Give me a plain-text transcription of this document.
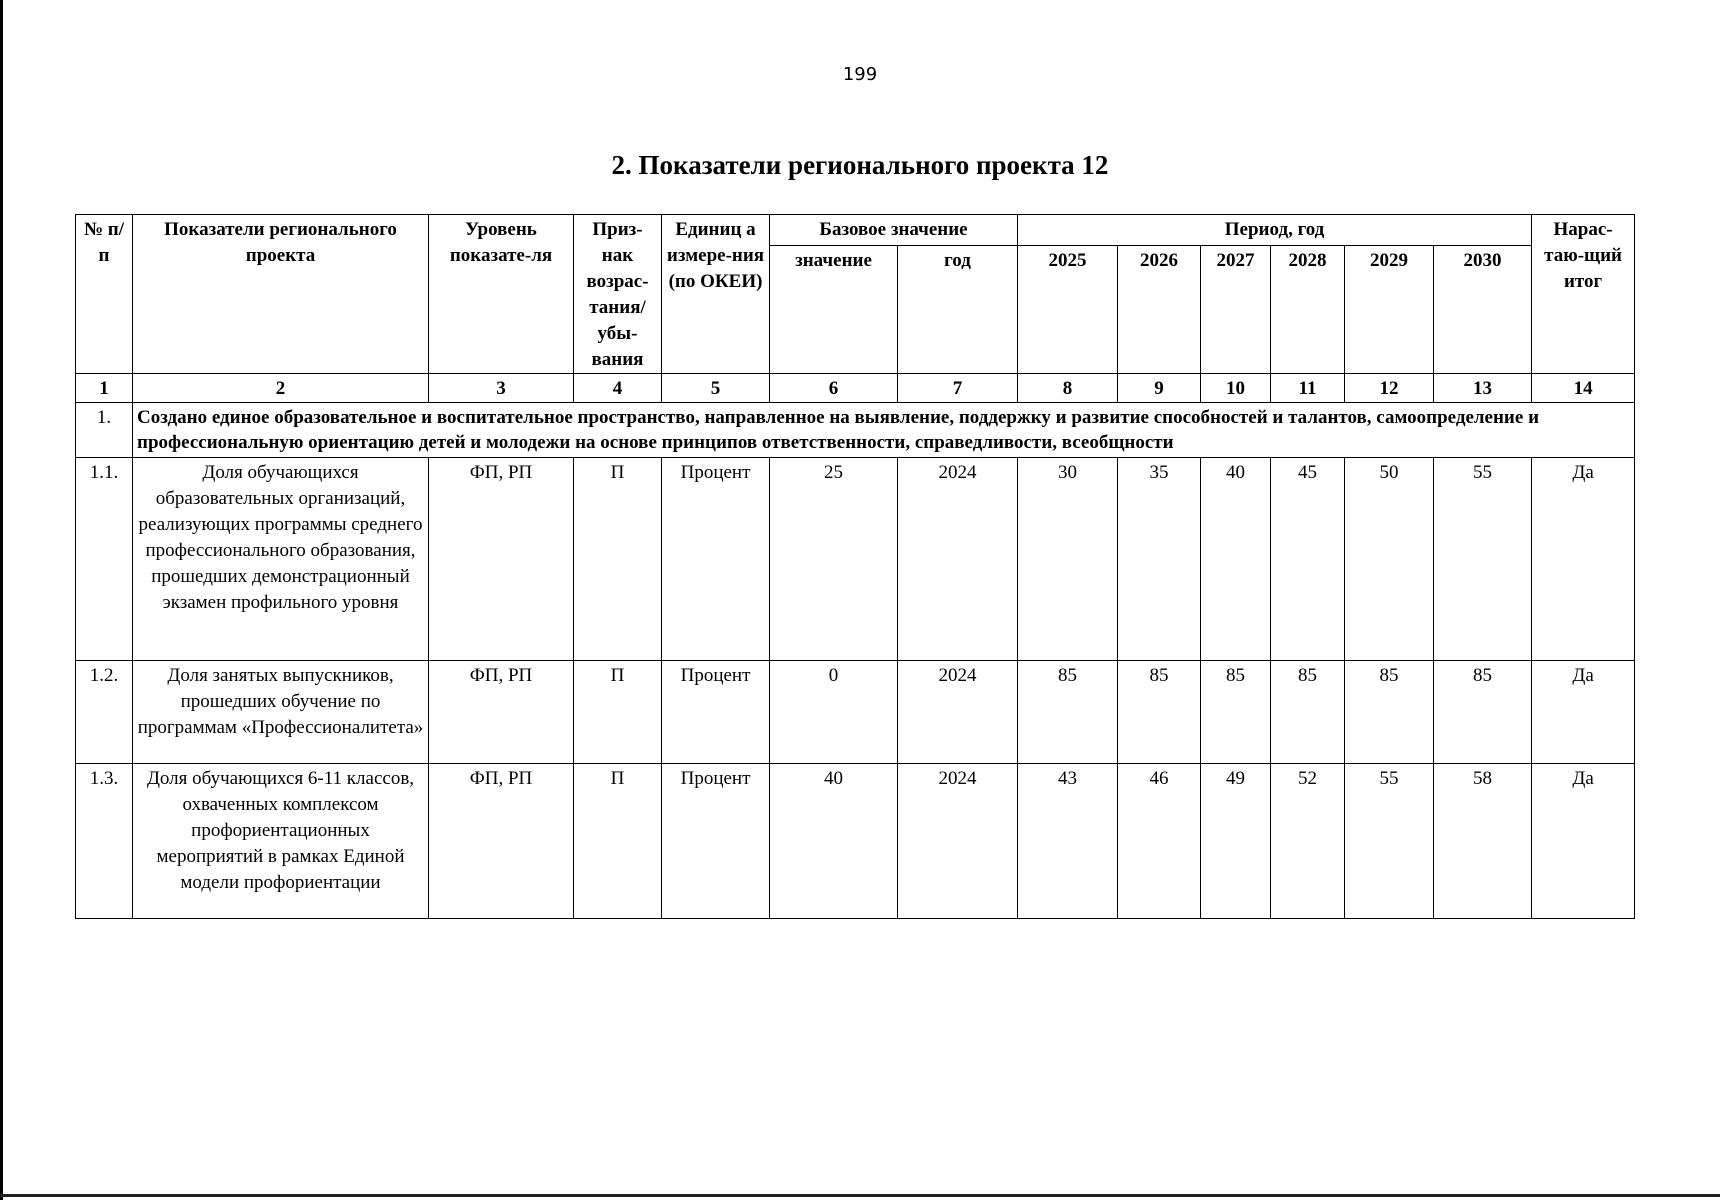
199
2. Показатели регионального проекта 12
№ п/п	Показатели регионального проекта	Уровень показате-ля	Приз-нак возрас-тания/ убы-вания	Единиц а измере-ния (по ОКЕИ)	Базовое значение		Период, год						Нарас-таю-щий итог
					значение	год	2025	2026	2027	2028	2029	2030	
1	2	3	4	5	6	7	8	9	10	11	12	13	14
1.	Создано единое образовательное и воспитательное пространство, направленное на выявление, поддержку и развитие способностей и талантов, самоопределение и профессиональную ориентацию детей и молодежи на основе принципов ответственности, справедливости, всеобщности												
1.1.	Доля обучающихся образовательных организаций, реализующих программы среднего профессионального образования, прошедших демонстрационный экзамен профильного уровня	ФП, РП	П	Процент	25	2024	30	35	40	45	50	55	Да
1.2.	Доля занятых выпускников, прошедших обучение по программам «Профессионалитета»	ФП, РП	П	Процент	0	2024	85	85	85	85	85	85	Да
1.3.	Доля обучающихся 6-11 классов, охваченных комплексом профориентационных мероприятий в рамках Единой модели профориентации	ФП, РП	П	Процент	40	2024	43	46	49	52	55	58	Да
